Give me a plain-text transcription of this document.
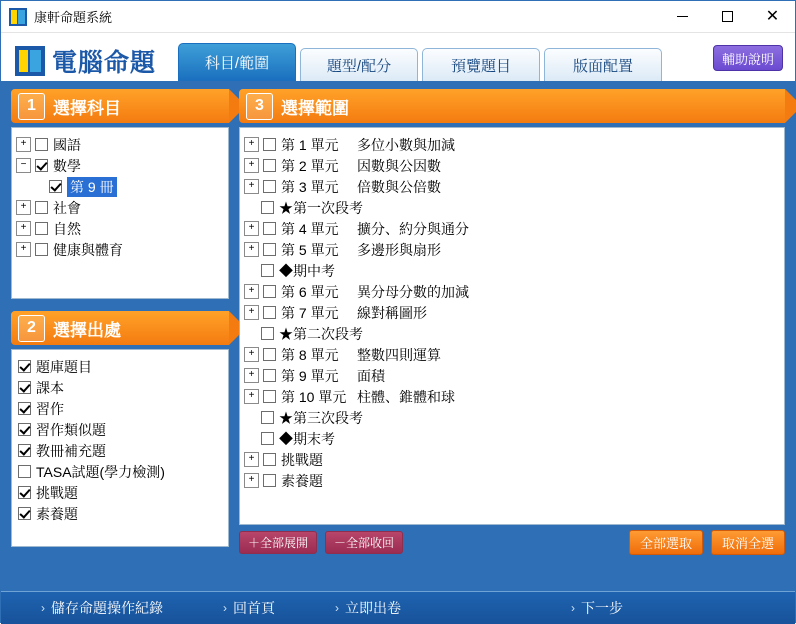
康軒命題系統	✕
電腦命題	科目/範圍	題型/配分	預覽題目	版面配置	輔助說明
1	選擇科目
+	國語
−	數學
第 9 冊
+	社會
+	自然
+	健康與體育
2	選擇出處
題庫題目
課本
習作
習作類似題
教冊補充題
TASA試題(學力檢測)
挑戰題
素養題
3	選擇範圍
+	第 1 單元	多位小數與加減
+	第 2 單元	因數與公因數
+	第 3 單元	倍數與公倍數
★第一次段考
+	第 4 單元	擴分、約分與通分
+	第 5 單元	多邊形與扇形
◆期中考
+	第 6 單元	異分母分數的加減
+	第 7 單元	線對稱圖形
★第二次段考
+	第 8 單元	整數四則運算
+	第 9 單元	面積
+	第 10 單元 柱體、錐體和球
★第三次段考
◆期末考
+	挑戰題
+	素養題
＋全部展開	－全部收回	全部選取	取消全選
› 儲存命題操作紀錄	› 回首頁	› 立即出卷	› 下一步
